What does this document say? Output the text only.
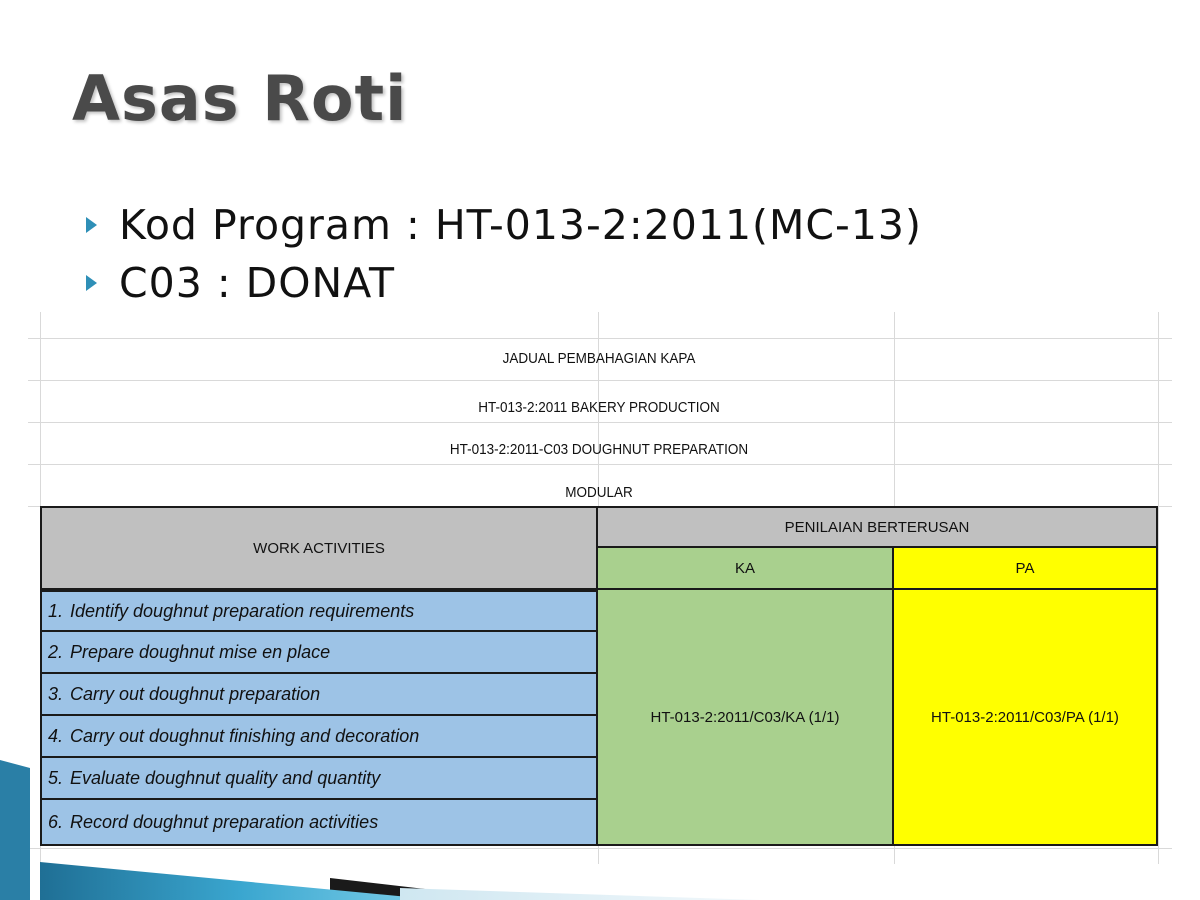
Asas Roti
Kod Program : HT-013-2:2011(MC-13)
C03 : DONAT
JADUAL PEMBAHAGIAN KAPA
HT-013-2:2011 BAKERY PRODUCTION
HT-013-2:2011-C03 DOUGHNUT PREPARATION
MODULAR
WORK ACTIVITIES
PENILAIAN BERTERUSAN
KA	PA
1. Identify doughnut preparation requirements
2. Prepare doughnut mise en place
3. Carry out doughnut preparation
4. Carry out doughnut finishing and decoration
5. Evaluate doughnut quality and quantity
6. Record doughnut preparation activities
HT-013-2:2011/C03/KA (1/1)	HT-013-2:2011/C03/PA (1/1)
